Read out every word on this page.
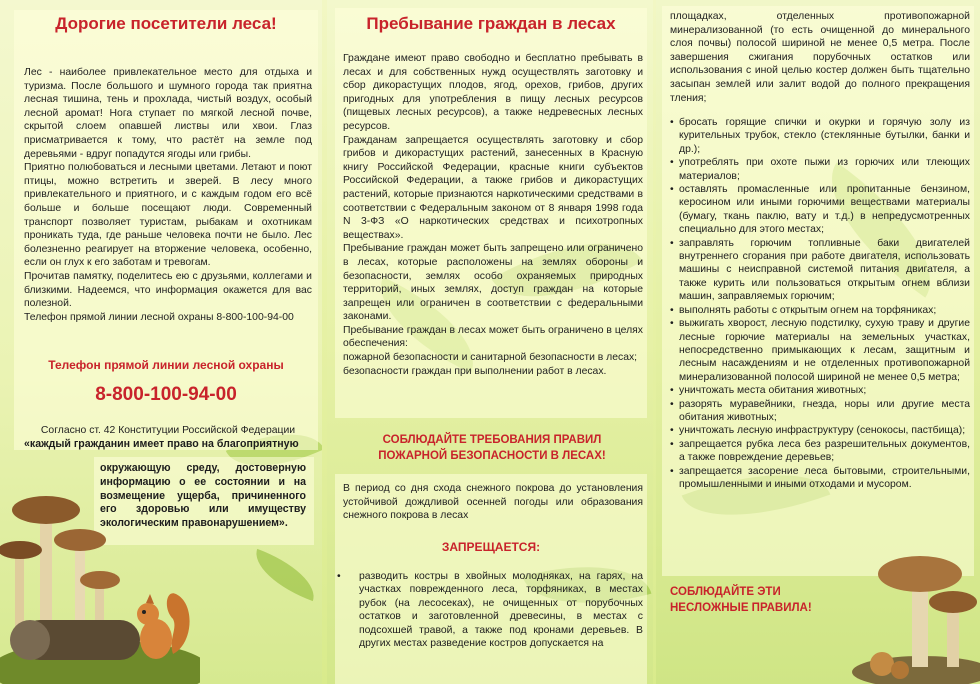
Дорогие посетители леса!

Лес - наиболее привлекательное место для отдыха и туризма. После большого и шумного города так приятна лесная тишина, тень и прохлада, чистый воздух, особый лесной аромат! Нога ступает по мягкой лесной почве, скрытой слоем опавшей листвы или хвои. Глаз присматривается к тому, что растёт на земле под деревьями - вдруг попадутся ягоды или грибы.

Приятно полюбоваться и лесными цветами. Летают и поют птицы, можно встретить и зверей. В лесу много привлекательного и приятного, и с каждым годом его всё больше и больше посещают люди. Современный транспорт позволяет туристам, рыбакам и охотникам проникать туда, где раньше человека почти не было. Лес болезненно реагирует на вторжение человека, особенно, если он глух к его заботам и тревогам.

Прочитав памятку, поделитесь ею с друзьями, коллегами и близкими. Надеемся, что информация окажется для вас полезной.

Телефон прямой линии лесной охраны 8-800-100-94-00

Телефон прямой линии лесной охраны
8-800-100-94-00
Согласно ст. 42 Конституции Российской Федерации
«каждый гражданин имеет право на благоприятную
окружающую среду, достоверную информацию о ее состоянии и на возмещение ущерба, причиненного его здоровью или имуществу экологическим правонарушением».
Пребывание граждан в лесах

Граждане имеют право свободно и бесплатно пребывать в лесах и для собственных нужд осуществлять заготовку и сбор дикорастущих плодов, ягод, орехов, грибов, других пригодных для употребления в пищу лесных ресурсов (пищевых лесных ресурсов), а также недревесных лесных ресурсов.

Гражданам запрещается осуществлять заготовку и сбор грибов и дикорастущих растений, занесенных в Красную книгу Российской Федерации, красные книги субъектов Российской Федерации, а также грибов и дикорастущих растений, которые признаются наркотическими средствами в соответствии с Федеральным законом от 8 января 1998 года N 3-ФЗ «О наркотических средствах и психотропных веществах».

Пребывание граждан может быть запрещено или ограничено в лесах, которые расположены на землях обороны и безопасности, землях особо охраняемых природных территорий, иных землях, доступ граждан на которые запрещен или ограничен в соответствии с федеральными законами.

Пребывание граждан в лесах может быть ограничено в целях обеспечения:

пожарной безопасности и санитарной безопасности в лесах;

безопасности граждан при выполнении работ в лесах.

СОБЛЮДАЙТЕ ТРЕБОВАНИЯ ПРАВИЛ ПОЖАРНОЙ БЕЗОПАСНОСТИ В ЛЕСАХ!
В период со дня схода снежного покрова до установления устойчивой дождливой осенней погоды или образования снежного покрова в лесах
ЗАПРЕЩАЕТСЯ:
• разводить костры в хвойных молодняках, на гарях, на участках поврежденного леса, торфяниках, в местах рубок (на лесосеках), не очищенных от порубочных остатков и заготовленной древесины, в местах с подсохшей травой, а также под кронами деревьев. В других местах разведение костров допускается на
площадках, отделенных противопожарной минерализованной (то есть очищенной до минерального слоя почвы) полосой шириной не менее 0,5 метра. После завершения сжигания порубочных остатков или использования с иной целью костер должен быть тщательно засыпан землей или залит водой до полного прекращения тления;
• бросать горящие спички и окурки и горячую золу из курительных трубок, стекло (стеклянные бутылки, банки и др.);
• употреблять при охоте пыжи из горючих или тлеющих материалов;
• оставлять промасленные или пропитанные бензином, керосином или иными горючими веществами материалы (бумагу, ткань паклю, вату и т.д.) в непредусмотренных специально для этого местах;
• заправлять горючим топливные баки двигателей внутреннего сгорания при работе двигателя, использовать машины с неисправной системой питания двигателя, а также курить или пользоваться открытым огнем вблизи машин, заправляемых горючим;
• выполнять работы с открытым огнем на торфяниках;
• выжигать хворост, лесную подстилку, сухую траву и другие лесные горючие материалы на земельных участках, непосредственно примыкающих к лесам, защитным и лесным насаждениям и не отделенных противопожарной минерализованной полосой шириной не менее 0,5 метра;
• уничтожать места обитания животных;
• разорять муравейники, гнезда, норы или другие места обитания животных;
• уничтожать лесную инфраструктуру (сенокосы, пастбища);
• запрещается рубка леса без разрешительных документов, а также повреждение деревьев;
• запрещается засорение леса бытовыми, строительными, промышленными и иными отходами и мусором.
СОБЛЮДАЙТЕ ЭТИ НЕСЛОЖНЫЕ ПРАВИЛА!
